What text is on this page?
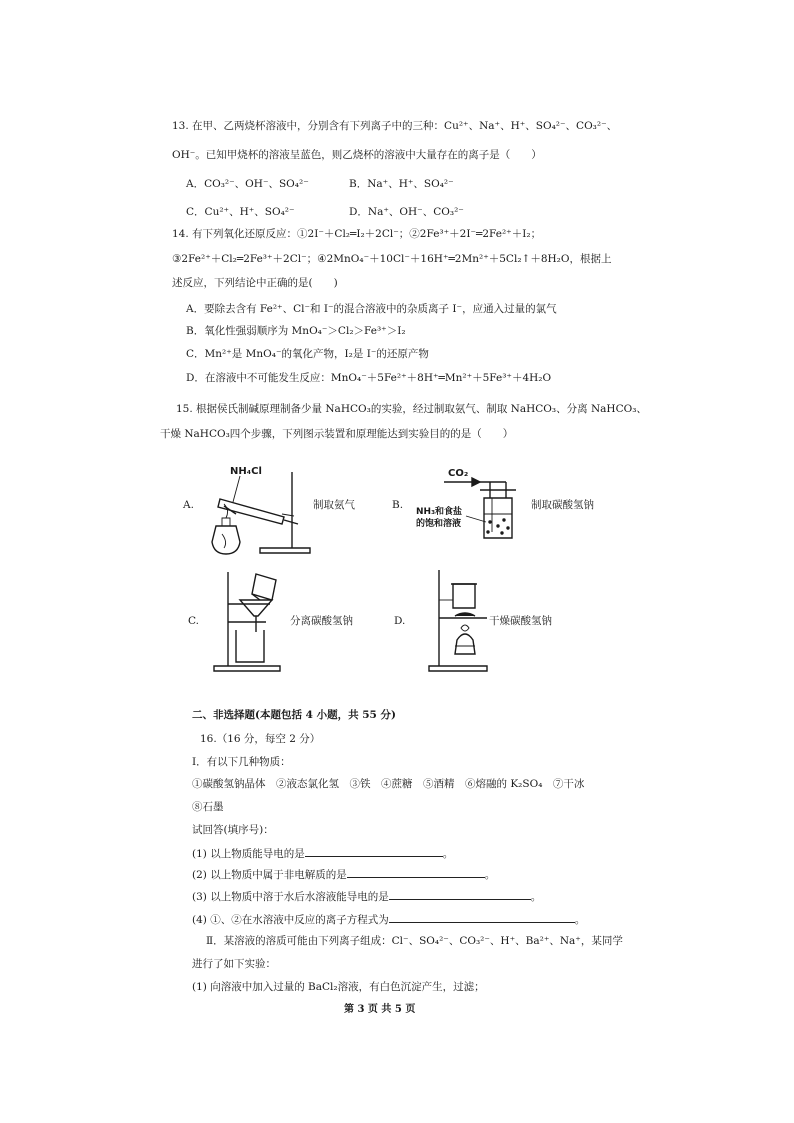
13. 在甲、乙两烧杯溶液中，分别含有下列离子中的三种：Cu²⁺、Na⁺、H⁺、SO₄²⁻、CO₃²⁻、
OH⁻。已知甲烧杯的溶液呈蓝色，则乙烧杯的溶液中大量存在的离子是（　　）
A．CO₃²⁻、OH⁻、SO₄²⁻	B．Na⁺、H⁺、SO₄²⁻
C．Cu²⁺、H⁺、SO₄²⁻	D．Na⁺、OH⁻、CO₃²⁻
14. 有下列氧化还原反应：①2I⁻＋Cl₂═I₂＋2Cl⁻；②2Fe³⁺＋2I⁻═2Fe²⁺＋I₂；
③2Fe²⁺＋Cl₂═2Fe³⁺＋2Cl⁻；④2MnO₄⁻＋10Cl⁻＋16H⁺═2Mn²⁺＋5Cl₂↑＋8H₂O，根据上
述反应，下列结论中正确的是(　　)
A．要除去含有 Fe²⁺、Cl⁻和 I⁻的混合溶液中的杂质离子 I⁻，应通入过量的氯气
B．氧化性强弱顺序为 MnO₄⁻＞Cl₂＞Fe³⁺＞I₂
C．Mn²⁺是 MnO₄⁻的氧化产物，I₂是 I⁻的还原产物
D．在溶液中不可能发生反应：MnO₄⁻＋5Fe²⁺＋8H⁺═Mn²⁺＋5Fe³⁺＋4H₂O
15. 根据侯氏制碱原理制备少量 NaHCO₃的实验，经过制取氨气、制取 NaHCO₃、分离 NaHCO₃、
干燥 NaHCO₃四个步骤，下列图示装置和原理能达到实验目的的是（　　）
A.	制取氨气
NH₄Cl
B.	制取碳酸氢钠
CO₂
NH₃和食盐
的饱和溶液
C.	分离碳酸氢钠	D.	干燥碳酸氢钠
二、非选择题(本题包括 4 小题，共 55 分)
16.（16 分，每空 2 分）
Ⅰ．有以下几种物质：
①碳酸氢钠晶体　②液态氯化氢　③铁　④蔗糖　⑤酒精　⑥熔融的 K₂SO₄　⑦干冰
⑧石墨
试回答(填序号)：
(1) 以上物质能导电的是	。
(2) 以上物质中属于非电解质的是	。
(3) 以上物质中溶于水后水溶液能导电的是	。
(4) ①、②在水溶液中反应的离子方程式为	。
Ⅱ．某溶液的溶质可能由下列离子组成：Cl⁻、SO₄²⁻、CO₃²⁻、H⁺、Ba²⁺、Na⁺，某同学
进行了如下实验：
(1) 向溶液中加入过量的 BaCl₂溶液，有白色沉淀产生，过滤；
第 3 页 共 5 页
